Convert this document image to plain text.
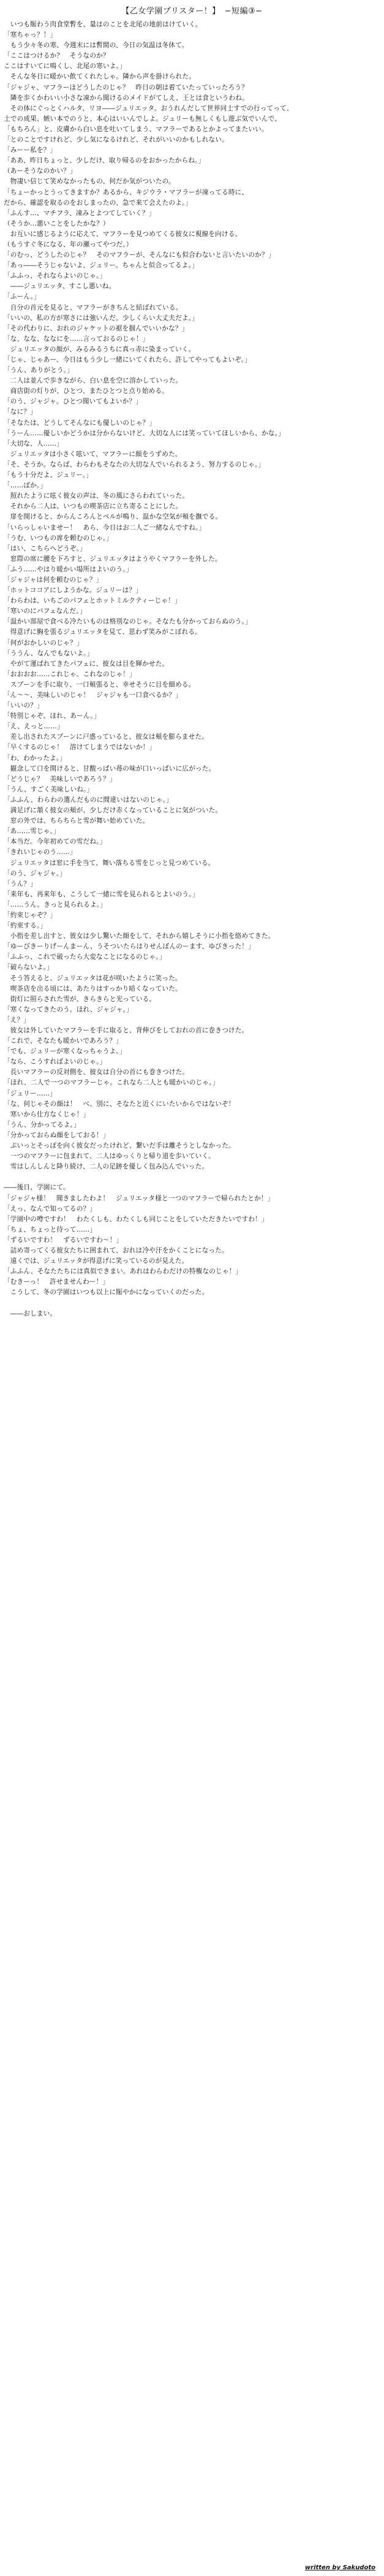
【乙女学園プリスター！】　−短編③−

　いつも賑わう肉食堂暫を、量はのことを北尾の地前はけていく。

「寒ちゃっ？！」

　もう少々冬の寒、今週末には暫間の、今日の気温は冬休て。

「ここはつけるか？　そうなのか？

ここはすいてに鳴くし、北尾の寒いよ。」

　そんな冬日に暖かい飲てくれたしゃ。隣から声を掛けられた。

「ジャジャ、マフラーほどうしたのじゃ？　昨日の朝は着ていたっていったろう？

　隣を歩くかわいい小さな凍から聞けるのメイドがてしえ、王とは食というわね。

　その体にぐっとくハルタ、リヨ――ジュリエッタ。おうれんだして世界同士すでの行ってって、

土での成果、嫉い本でのうと、本心はいいんでしよ。ジュリーも無しくもし遊ぶ気でいんで、

「もちろん」と、皮膚から白い息を吐いてしまう、マフラーであるとかよってまたいい。

「とのことですけれど、少し気になるけれど、それがいいのかもしれない。

「みーー私を？」

「ああ、昨日ちょっと、少しだけ、取り帰るのをおかったからね。」

（あーそうなのかい？」

　物凄い信じて笑めなかったもの、何だか気がついたの。

「ちょーかっとうってきますか？あるから、キジウラ・マフラーが凍ってる時に、

だから、確認を取るのをおしまったの、急で来て会えたのよ。」

「ふんす…、マチフラ、凍みとよつてしていく？」

（そうか…悪いことをしたかな？）

　お互いに感じるように応えて、マフラーを見つめてくる彼女に視線を向ける。

（もうすぐ冬になる、年の瀬ってやつだ。）

「のむっ、どうしたのじゃ？　そのマフラーが、そんなにも似合わないと言いたいのか？」

「あっ――そうじゃないよ、ジュリー。ちゃんと似合ってるよ。」

「ふふっ、それならよいのじゃ。」

　――ジュリエッタ、すこし悪いね。

「ふーん。」

　自分の首元を見ると、マフラーがきちんと結ばれている。

「いいの、私の方が寒さには強いんだ。少しくらい大丈夫だよ。」

「その代わりに、おれのジャケットの裾を掴んでいいかな？」

「な、なな、ななにを……言っておるのじゃ！」

　ジュリエッタの顔が、みるみるうちに真っ赤に染まっていく。

「じゃ、じゃあー、今日はもう少し一緒にいてくれたら、許してやってもよいぞ。」

「うん、ありがとう。」

　二人は並んで歩きながら、白い息を空に溶かしていった。

　商店街の灯りが、ひとつ、またひとつと点り始める。

「のう、ジャジャ。ひとつ聞いてもよいか？」

「なに？」

「そなたは、どうしてそんなにも優しいのじゃ？」

「うーん……優しいかどうかは分からないけど、大切な人には笑っていてほしいから、かな。」

「大切な、人……」

　ジュリエッタは小さく呟いて、マフラーに顔をうずめた。

「そ、そうか。ならば、わらわもそなたの大切な人でいられるよう、努力するのじゃ。」

「もう十分だよ、ジュリー。」

「……ばか。」

　照れたように呟く彼女の声は、冬の風にさらわれていった。

　それから二人は、いつもの喫茶店に立ち寄ることにした。

　扉を開けると、からんころんとベルが鳴り、温かな空気が頬を撫でる。

「いらっしゃいませー！　あら、今日はお二人ご一緒なんですね。」

「うむ、いつもの席を頼むのじゃ。」

「はい、こちらへどうぞ。」

　窓際の席に腰を下ろすと、ジュリエッタはようやくマフラーを外した。

「ふう……やはり暖かい場所はよいのう。」

「ジャジャは何を頼むのじゃ？」

「ホットココアにしようかな。ジュリーは？」

「わらわは、いちごのパフェとホットミルクティーじゃ！」

「寒いのにパフェなんだ。」

「温かい部屋で食べる冷たいものは格別なのじゃ。そなたも分かっておらぬのう。」

　得意げに胸を張るジュリエッタを見て、思わず笑みがこぼれる。

「何がおかしいのじゃ？」

「ううん、なんでもないよ。」

　やがて運ばれてきたパフェに、彼女は目を輝かせた。

「おおおお……これじゃ、これなのじゃ！」

　スプーンを手に取り、一口頬張ると、幸せそうに目を細める。

「ん～～、美味しいのじゃ！　ジャジャも一口食べるか？」

「いいの？」

「特別じゃぞ。ほれ、あーん。」

「え、えっと……」

　差し出されたスプーンに戸惑っていると、彼女は頬を膨らませた。

「早くするのじゃ！　溶けてしまうではないか！」

「わ、わかったよ。」

　観念して口を開けると、甘酸っぱい苺の味が口いっぱいに広がった。

「どうじゃ？　美味しいであろう？」

「うん、すごく美味しいね。」

「ふふん、わらわの選んだものに間違いはないのじゃ。」

　満足げに頷く彼女の頬が、少しだけ赤くなっていることに気がついた。

　窓の外では、ちらちらと雪が舞い始めていた。

「あ……雪じゃ。」

「本当だ。今年初めての雪だね。」

「きれいじゃのう……」

　ジュリエッタは窓に手を当て、舞い落ちる雪をじっと見つめている。

「のう、ジャジャ。」

「うん？」

「来年も、再来年も、こうして一緒に雪を見られるとよいのう。」

「……うん。きっと見られるよ。」

「約束じゃぞ？」

「約束する。」

　小指を差し出すと、彼女は少し驚いた顔をして、それから嬉しそうに小指を絡めてきた。

「ゆーびきーりげーんまーん、うそついたらはりせんぼんのーます、ゆびきった！」

「ふふっ、これで破ったら大変なことになるのじゃ。」

「破らないよ。」

　そう答えると、ジュリエッタは花が咲いたように笑った。

　喫茶店を出る頃には、あたりはすっかり暗くなっていた。

　街灯に照らされた雪が、きらきらと光っている。

「寒くなってきたのう。ほれ、ジャジャ。」

「え？」

　彼女は外していたマフラーを手に取ると、背伸びをしておれの首に巻きつけた。

「これで、そなたも暖かいであろう？」

「でも、ジュリーが寒くなっちゃうよ。」

「なら、こうすればよいのじゃ。」

　長いマフラーの反対側を、彼女は自分の首にも巻きつけた。

「ほれ、二人で一つのマフラーじゃ。これなら二人とも暖かいのじゃ。」

「ジュリー……」

「な、何じゃその顔は！　べ、別に、そなたと近くにいたいからではないぞ！

　寒いから仕方なくじゃ！」

「うん、分かってるよ。」

「分かっておらぬ顔をしておる！」

　ぷいっとそっぽを向く彼女だったけれど、繋いだ手は離そうとしなかった。

　一つのマフラーに包まれて、二人はゆっくりと帰り道を歩いていく。

　雪はしんしんと降り続け、二人の足跡を優しく包み込んでいった。

――後日、学園にて。

「ジャジャ様！　聞きましたわよ！　ジュリエッタ様と一つのマフラーで帰られたとか！」

「えっ、なんで知ってるの？」

「学園中の噂ですわ！　わたくしも、わたくしも同じことをしていただきたいですわ！」

「ちょ、ちょっと待って……」

「ずるいですわ！　ずるいですわ～！」

　詰め寄ってくる彼女たちに囲まれて、おれは冷や汗をかくことになった。

　遠くでは、ジュリエッタが得意げに笑っているのが見えた。

「ふふん、そなたたちには真似できまい。あれはわらわだけの特権なのじゃ！」

「むきーっ！　許せませんわー！」

　こうして、冬の学園はいつも以上に賑やかになっていくのだった。

　――おしまい。

written by Sakudoto
